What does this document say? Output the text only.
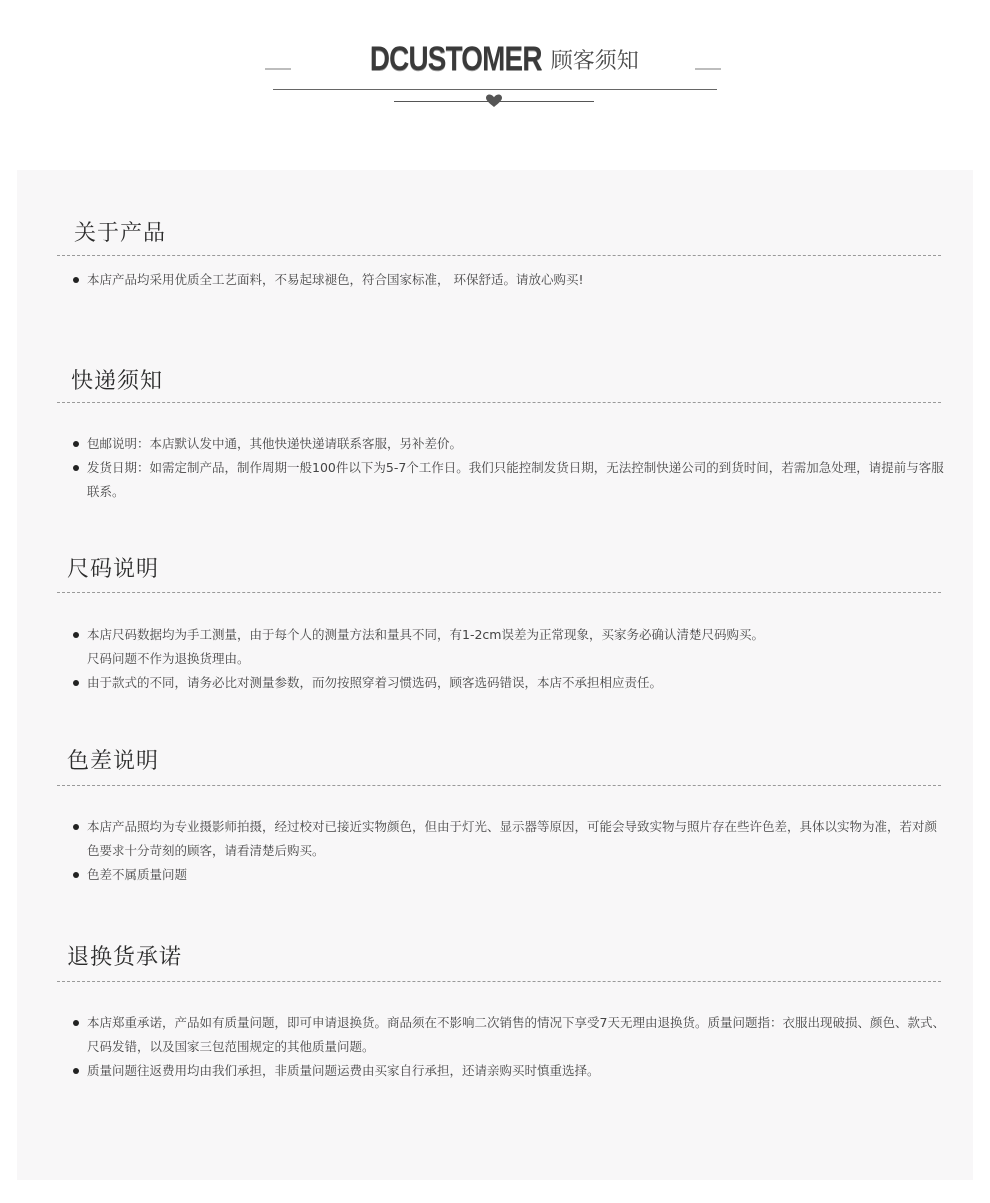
DCUSTOMER 顾客须知
关于产品
本店产品均采用优质全工艺面料，不易起球褪色，符合国家标准， 环保舒适。请放心购买!
快递须知
包邮说明：本店默认发中通，其他快递快递请联系客服，另补差价。
发货日期：如需定制产品，制作周期一般100件以下为5-7个工作日。我们只能控制发货日期，无法控制快递公司的到货时间，若需加急处理，请提前与客服联系。
尺码说明
本店尺码数据均为手工测量，由于每个人的测量方法和量具不同，有1-2cm误差为正常现象，买家务必确认清楚尺码购买。
尺码问题不作为退换货理由。
由于款式的不同，请务必比对测量参数，而勿按照穿着习惯选码，顾客选码错误，本店不承担相应责任。
色差说明
本店产品照均为专业摄影师拍摄，经过校对已接近实物颜色，但由于灯光、显示器等原因，可能会导致实物与照片存在些许色差，具体以实物为准，若对颜色要求十分苛刻的顾客，请看清楚后购买。
色差不属质量问题
退换货承诺
本店郑重承诺，产品如有质量问题，即可申请退换货。商品须在不影响二次销售的情况下享受7天无理由退换货。质量问题指：衣服出现破损、颜色、款式、尺码发错，以及国家三包范围规定的其他质量问题。
质量问题往返费用均由我们承担，非质量问题运费由买家自行承担，还请亲购买时慎重选择。
